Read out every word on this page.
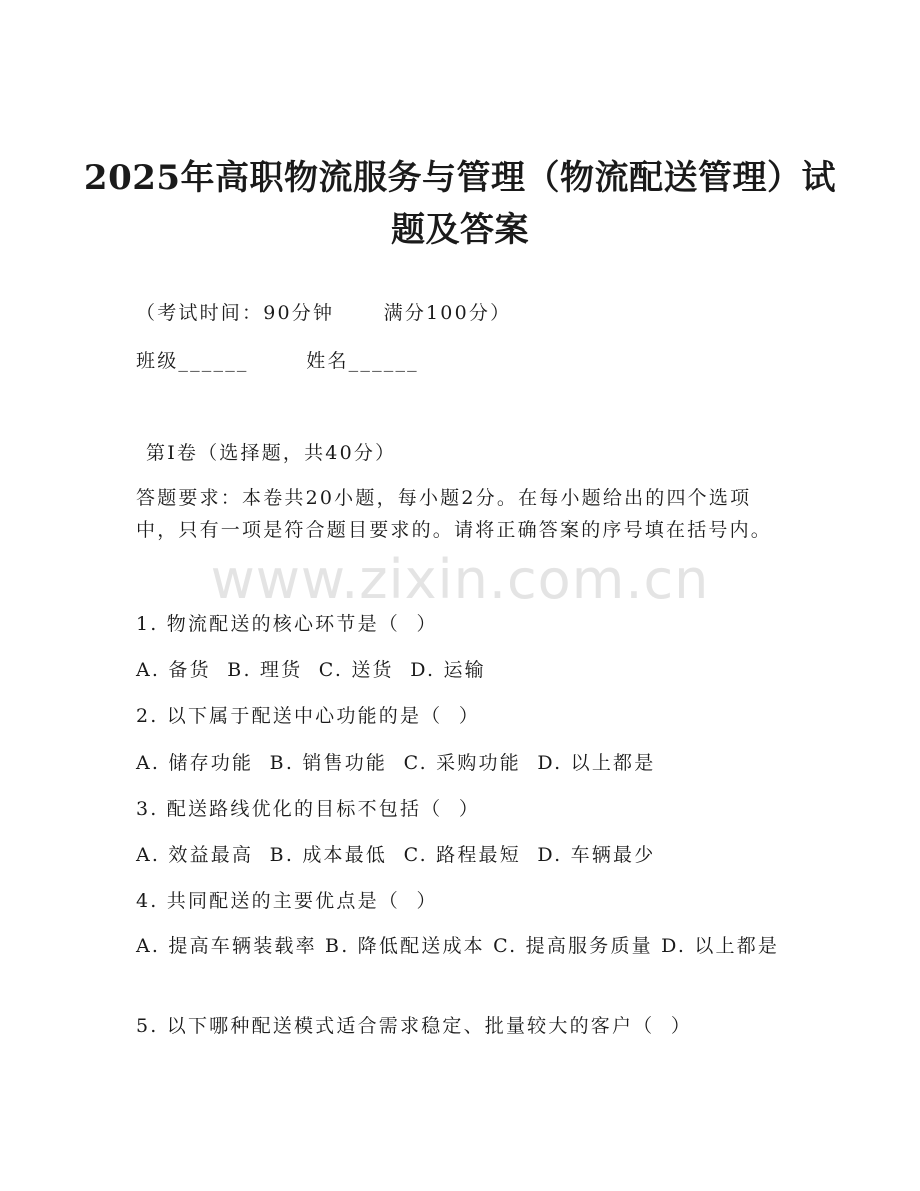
www.zixin.com.cn
2025年高职物流服务与管理（物流配送管理）试题及答案
（考试时间：90分钟      满分100分）
班级______       姓名______
第Ⅰ卷（选择题，共40分）
答题要求：本卷共20小题，每小题2分。在每小题给出的四个选项中，只有一项是符合题目要求的。请将正确答案的序号填在括号内。
1. 物流配送的核心环节是（  ）
A. 备货  B. 理货  C. 送货  D. 运输
2. 以下属于配送中心功能的是（  ）
A. 储存功能  B. 销售功能  C. 采购功能  D. 以上都是
3. 配送路线优化的目标不包括（  ）
A. 效益最高  B. 成本最低  C. 路程最短  D. 车辆最少
4. 共同配送的主要优点是（  ）
A. 提高车辆装载率 B. 降低配送成本 C. 提高服务质量 D. 以上都是
5. 以下哪种配送模式适合需求稳定、批量较大的客户（  ）
